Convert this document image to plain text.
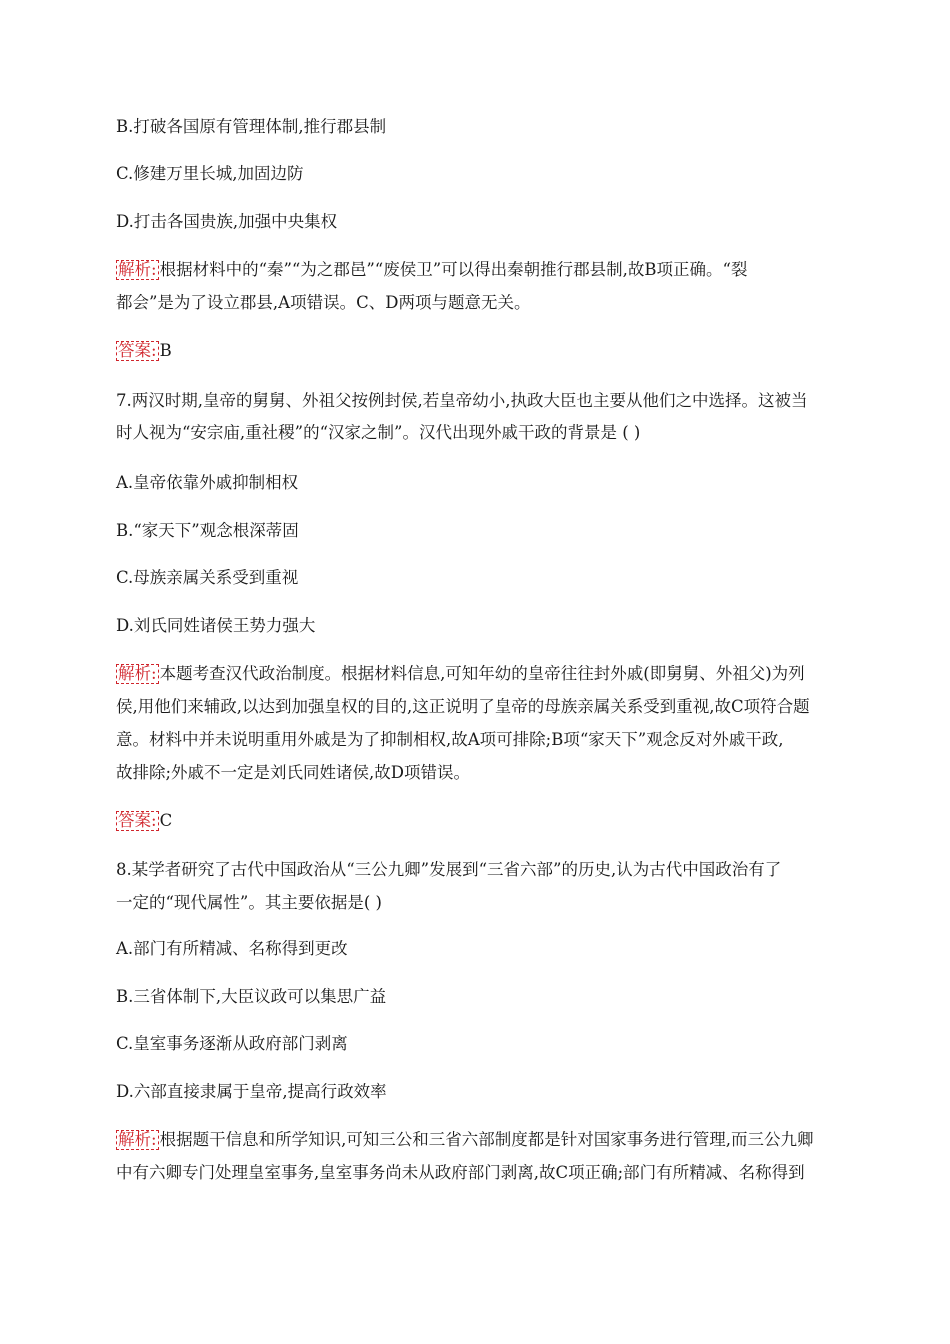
B.打破各国原有管理体制,推行郡县制
C.修建万里长城,加固边防
D.打击各国贵族,加强中央集权
解析: 根据材料中的“秦”“为之郡邑”“废侯卫”可以得出秦朝推行郡县制,故B项正确。“裂
都会”是为了设立郡县,A项错误。C、D两项与题意无关。
答案: B
7.两汉时期,皇帝的舅舅、外祖父按例封侯,若皇帝幼小,执政大臣也主要从他们之中选择。这被当
时人视为“安宗庙,重社稷”的“汉家之制”。汉代出现外戚干政的背景是 ( )
A.皇帝依靠外戚抑制相权
B.“家天下”观念根深蒂固
C.母族亲属关系受到重视
D.刘氏同姓诸侯王势力强大
解析: 本题考查汉代政治制度。根据材料信息,可知年幼的皇帝往往封外戚(即舅舅、外祖父)为列
侯,用他们来辅政,以达到加强皇权的目的,这正说明了皇帝的母族亲属关系受到重视,故C项符合题
意。材料中并未说明重用外戚是为了抑制相权,故A项可排除;B项“家天下”观念反对外戚干政,
故排除;外戚不一定是刘氏同姓诸侯,故D项错误。
答案: C
8.某学者研究了古代中国政治从“三公九卿”发展到“三省六部”的历史,认为古代中国政治有了
一定的“现代属性”。其主要依据是( )
A.部门有所精减、名称得到更改
B.三省体制下,大臣议政可以集思广益
C.皇室事务逐渐从政府部门剥离
D.六部直接隶属于皇帝,提高行政效率
解析: 根据题干信息和所学知识,可知三公和三省六部制度都是针对国家事务进行管理,而三公九卿
中有六卿专门处理皇室事务,皇室事务尚未从政府部门剥离,故C项正确;部门有所精减、名称得到
